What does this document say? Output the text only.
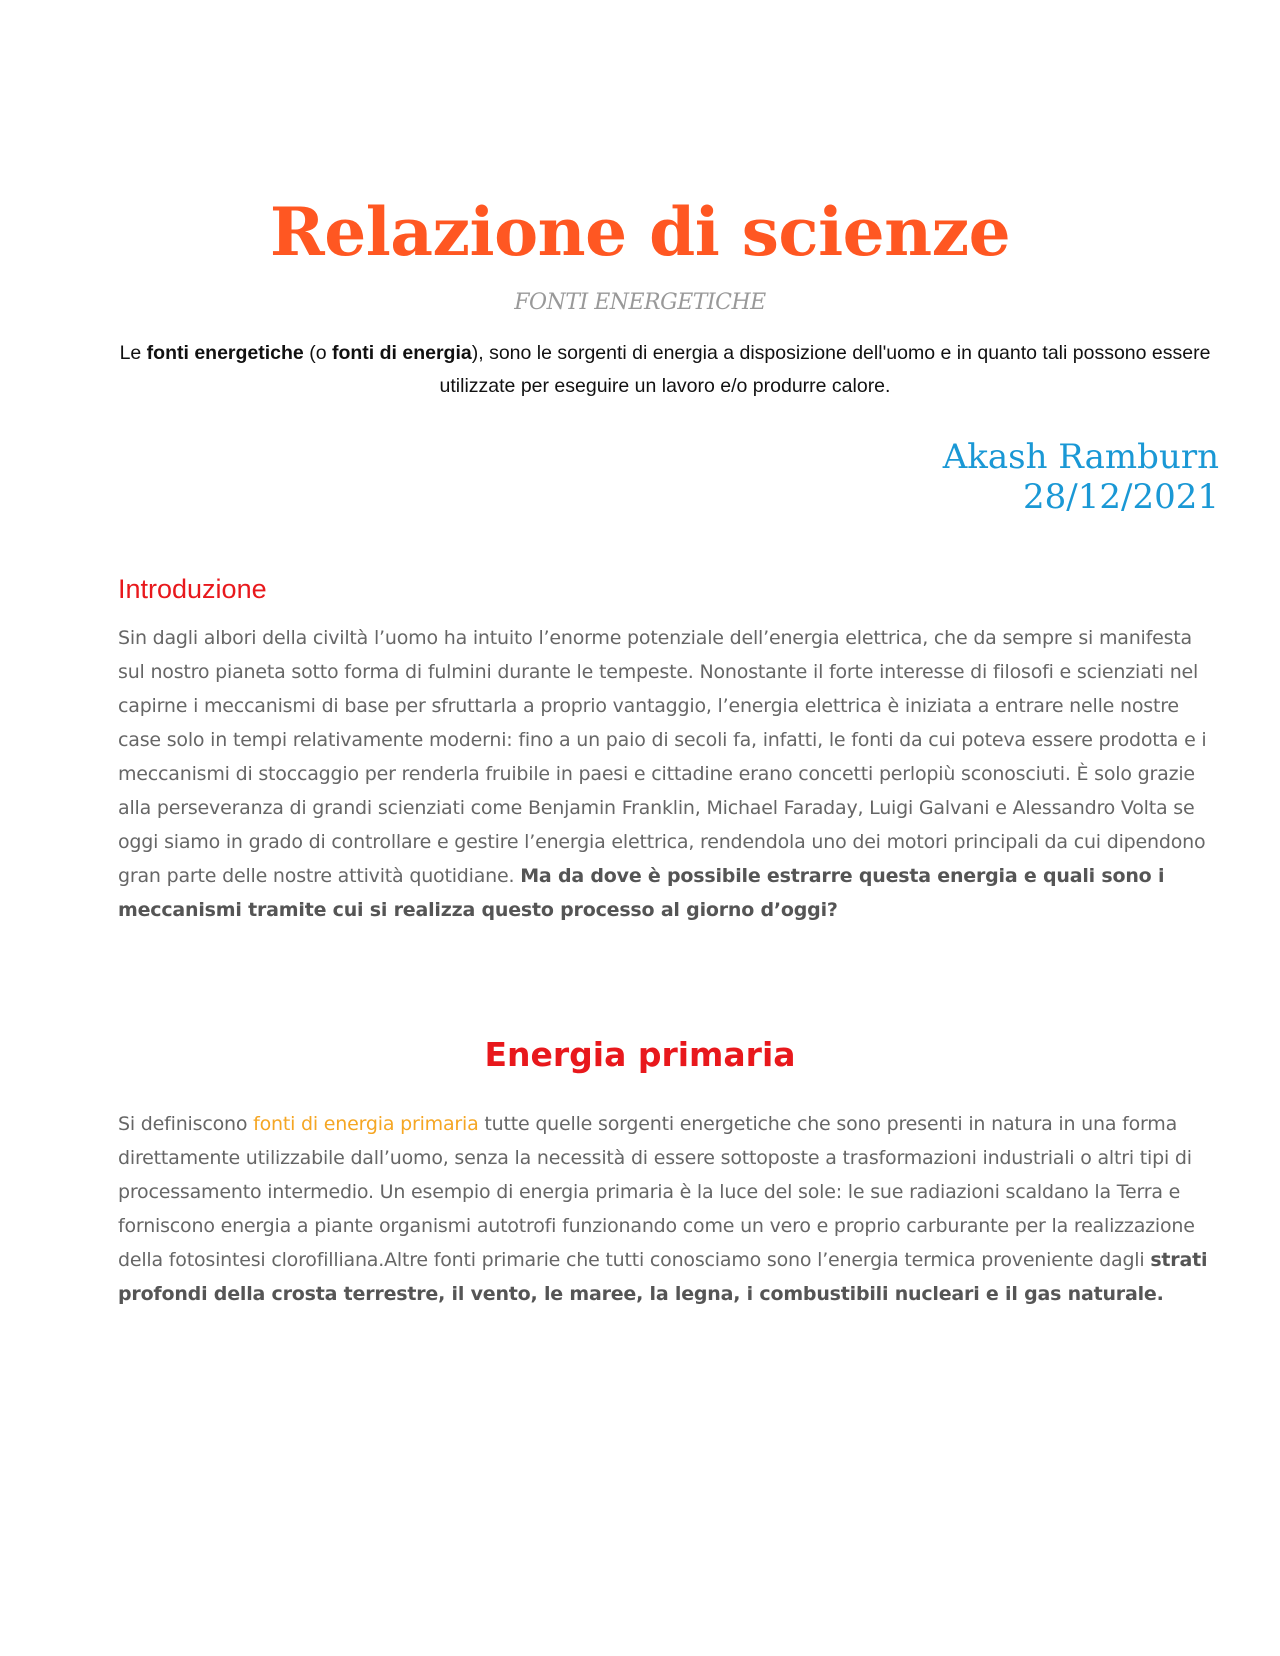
Relazione di scienze
FONTI ENERGETICHE
Le fonti energetiche (o fonti di energia), sono le sorgenti di energia a disposizione dell'uomo e in quanto tali possono essere utilizzate per eseguire un lavoro e/o produrre calore.
Akash Ramburn
28/12/2021
Introduzione

Sin dagli albori della civiltà l’uomo ha intuito l’enorme potenziale dell’energia elettrica, che da sempre si manifesta sul nostro pianeta sotto forma di fulmini durante le tempeste. Nonostante il forte interesse di filosofi e scienziati nel capirne i meccanismi di base per sfruttarla a proprio vantaggio, l’energia elettrica è iniziata a entrare nelle nostre case solo in tempi relativamente moderni: fino a un paio di secoli fa, infatti, le fonti da cui poteva essere prodotta e i meccanismi di stoccaggio per renderla fruibile in paesi e cittadine erano concetti perlopiù sconosciuti. È solo grazie alla perseveranza di grandi scienziati come Benjamin Franklin, Michael Faraday, Luigi Galvani e Alessandro Volta se oggi siamo in grado di controllare e gestire l’energia elettrica, rendendola uno dei motori principali da cui dipendono gran parte delle nostre attività quotidiane. Ma da dove è possibile estrarre questa energia e quali sono i meccanismi tramite cui si realizza questo processo al giorno d’oggi?

Energia primaria

Si definiscono fonti di energia primaria tutte quelle sorgenti energetiche che sono presenti in natura in una forma direttamente utilizzabile dall’uomo, senza la necessità di essere sottoposte a trasformazioni industriali o altri tipi di processamento intermedio. Un esempio di energia primaria è la luce del sole: le sue radiazioni scaldano la Terra e forniscono energia a piante organismi autotrofi funzionando come un vero e proprio carburante per la realizzazione della fotosintesi clorofilliana.Altre fonti primarie che tutti conosciamo sono l’energia termica proveniente dagli strati profondi della crosta terrestre, il vento, le maree, la legna, i combustibili nucleari e il gas naturale.
